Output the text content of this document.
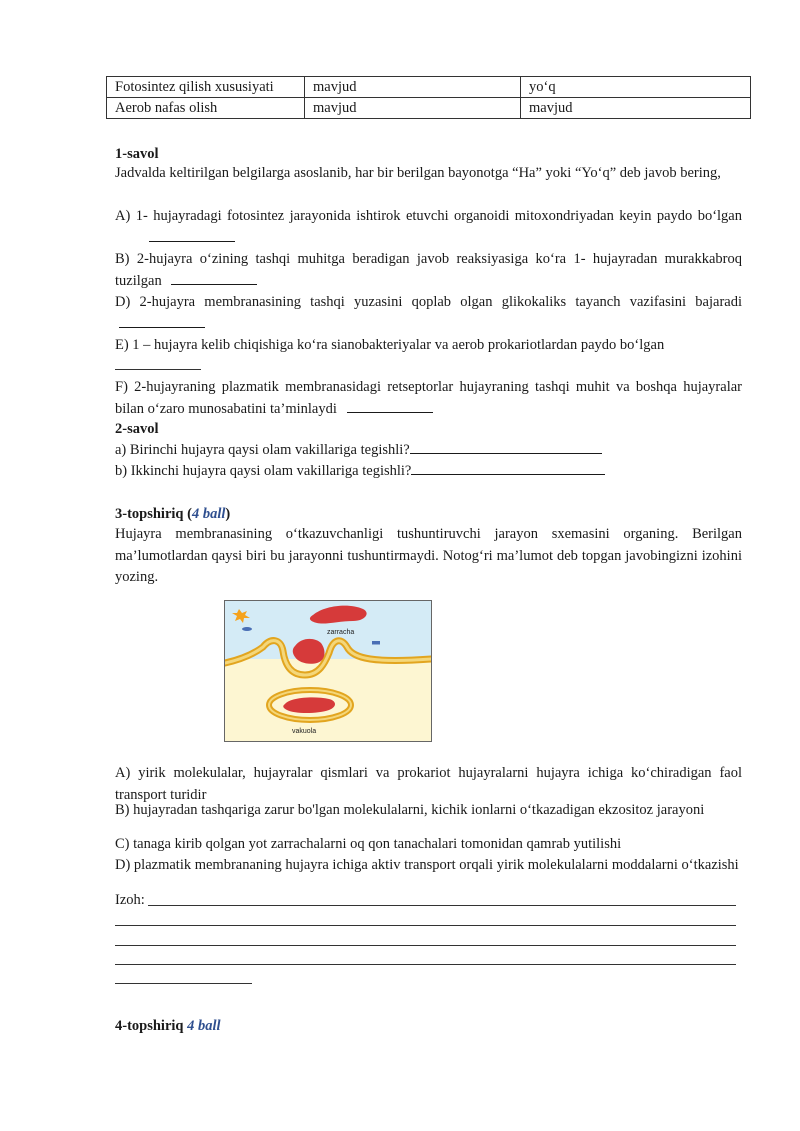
Fotosintez qilish xususiyati	mavjud	yo‘q
Aerob nafas olish	mavjud	mavjud
1-savol
Jadvalda keltirilgan belgilarga asoslanib, har bir berilgan bayonotga “Ha” yoki “Yo‘q” deb javob bering,
A) 1- hujayradagi fotosintez jarayonida ishtirok etuvchi organoidi mitoxondriyadan keyin paydo bo‘lgan
B) 2-hujayra o‘zining tashqi muhitga beradigan javob reaksiyasiga ko‘ra 1- hujayradan murakkabroq tuzilgan
D) 2-hujayra membranasining tashqi yuzasini qoplab olgan glikokaliks tayanch vazifasini bajaradi
E) 1 – hujayra kelib chiqishiga ko‘ra sianobakteriyalar va aerob prokariotlardan paydo bo‘lgan
F) 2-hujayraning plazmatik membranasidagi retseptorlar hujayraning tashqi muhit va boshqa hujayralar bilan o‘zaro munosabatini ta’minlaydi
2-savol
a) Birinchi hujayra qaysi olam vakillariga tegishli?
b) Ikkinchi hujayra qaysi olam vakillariga tegishli?
3-topshiriq (4 ball)
Hujayra membranasining o‘tkazuvchanligi tushuntiruvchi jarayon sxemasini organing. Berilgan ma’lumotlardan qaysi biri bu jarayonni tushuntirmaydi. Notog‘ri ma’lumot deb topgan javobingizni izohini yozing.
zarracha
vakuola
A) yirik molekulalar, hujayralar qismlari va prokariot hujayralarni hujayra ichiga ko‘chiradigan faol transport turidir
B) hujayradan tashqariga zarur bo'lgan molekulalarni, kichik ionlarni o‘tkazadigan ekzositoz jarayoni
C) tanaga kirib qolgan yot zarrachalarni oq qon tanachalari tomonidan qamrab yutilishi
D) plazmatik membrananing hujayra ichiga aktiv transport orqali yirik molekulalarni moddalarni o‘tkazishi
Izoh:
4-topshiriq 4 ball
